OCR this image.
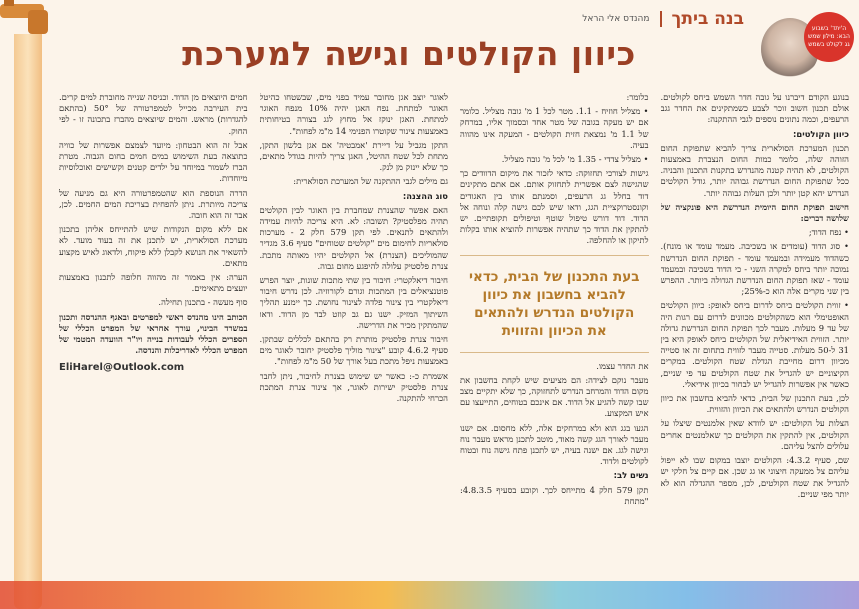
בנה ביתך
מהנדס אלי הראל
כיוון הקולטים וגישה למערכת
ה'יתד' בשבוע הבא: מילון שמש גג לקולט בשמש

בנוגע הקודם דיברנו על גובה חדר השמש ביחס לקולטים. אולם תכנון חשוב זוכר לצבע כשמתקינים את החדר גגב הרעפים, וכמה נתונים נוספים לגבי ההתקנה:

כיוון הקולטים:

תכנון המערכת הסולארית צריך להביא שתפוקת החום הזוהה שלה, כלומר כמות החום הנצברת באמצעות הקולטים, לא תהיה קטנה מהנדרש בתקנות התכנון והבניה. ככל שתפוקת החום הנדרשת גבוהה יותר, גודל הקולטים הנדרש יהא קטן יותר ולכן העלות גבוהה יותר.

חישוב תפוקת החום היומית הנדרשת היא פונקציה של שלושה דברים:

• נפח הדוד;

• סוג הדוד (עומדים או בשכיבה. מעמד עומד או מונח). כשהדוד מעמידה ובמעמד עומד - תפוקת החום הנדרשת נמוכה יותר ביחס למקרה השני - כי הדוד בשכיבה ובמעמד עומד - שאז תפוקת החום הנדרשת הגדולה ביותר. ההפרש בין שני מקרים אלה הוא כ-25%;

• זווית הקולטים ביחס לדרום ביחס לאופק: כיוון הקולטים האופטימלי הוא כשהקולטים מכוונים לדרום עם רגות היה של עד 9 מעלות. מעבר לכך תפוקת החום הנדרשת גדולה יותר. הזווית האידיאלית של הקולטים ביחס לאופק היא בין 31 ל-50 מעלות. סטייה מעבר לזווית בתחום זה או סטייה מכיוון דרום מחייבת הגדלת שטח הקולטים. במקרים הקיצוניים יש להגדיל את שטח הקולטים עד פי שניים, כאשר אין אפשרות להגדיל יש לבחור בכיוון אידיאלי.

לכן, בעת התכנון של הבית, כדאי להביא בחשבון את כיוון הקולטים הנדרש ולהתאים את הכיוון והזווית.

הצלות על הקולטים: יש לוודא שאין אלמנטים שיצלו על הקולטים, אין להתקין את הקולטים כך שאלמנטים אחרים עלולים להצל עליהם.

שם, סעיף 4.3.2: הקולטים יוצבו במקום שבו לא ייפול עליהם צל ממעקה חיצוני או גג שכן. אם קיים צל חלקי יש להגדיל את שטח הקולטים, לכן, מספר ההגדלה הוא לא יותר מפי שניים.

כלומר:

• מצליל חוזיח - 1.1. מטר לכל 1 מ' גובה מצליל. כלומר אם יש מעקה בגובה של מטר אחד ובסמוך אליו, במרחק של 1.1 מ' נמצאת חזית הקולטים - המעקה אינו מהווה בעיה.

• מצליל צדדי - 1.35 מ' לכל מ' גובה מצליל.

גישות לצורכי תחזוקה: כדאי לזכור את מיקום הדוודים כך שהגישה לצם אפשרית לתחזוק אותם. אם אתם מתקינים דוד בחלל גג הרעפים, וסמנתם אותו בין האגודים וקונסטרוקציית הגג, ודאו שיש לכם גישה קלה ונוחה אל הדוד. דוד דורש טיפול שוטף וטיפולים תקופתיים. יש להתקין את הדוד כך שתהיה אפשרות להוציא אותו בקלות לתיקון או להחלפה.

בעת התכנון של הבית, כדאי להביא בחשבון את כיוון הקולטים הנדרש ולהתאים את הכיוון והזווית

את החדר עצמו.

מעבר נוקם לצידה: הם מציעים שיש לקחת בחשבון את מקום הדוד והמרחב הנדרש לתחזוקה, כך שלא יתקיים מצב שבו קשה להגיע אל הדוד. אם אינכם בטוחים, התייעצו עם איש המקצוע.

הגעו בגג הוא ולא במרחקים אלה, ללא מחסום. אם ישנו מעבר לאורך הגג קשה מאוד, מוטב לתכנן מראש מעבר נוח וגישה לגג. אם ישנה בעיה, יש לתכנן פתח גישה נוח ובטוח לקולטים ולדוד.

נשים לב:

תקן 579 חלק 4 מתייחס לכך. וקובע בסעיף 4.8.3.5: "מתחת

לאוגר יוצב אגן מחובר עמיד בפני מים, שבשטחו כהיטל האוגר למתחת. נפח האגן יהיה 10% מנפח האוגר למתחת. האגן ינוקז אל מחוץ לגג בצורה בטיחותית באמצעות צינור שקוטרו הפנימי 14 מ"מ לפחות".

התקן מגביל על דיירת 'אמבטיה' אם אגן בלשון התקן, מתחת לכל שטח ההיטל, האגן צריך להיות בגודל מתאים, כך שלא יינזק מן לנק.

גם מילים לגבי ההתקנה של המערכת הסולארית:

סוג ההצנה:

האם אפשר שהצנרת שמחברת בין האוגר לבין הקולטים תהיה מפלסטיק? תשובה: לא. היא צריכה להיות עמידה ולהתאים לתנאים. לפי תקן 579 חלק 2 - מערכות סולאריות לחימום מים "קולטים שטוחים" סעיף 3.6 מגדיר שהמוליכים (הצנרת) אל הקולטים יהיו מאותה מתכת. צנרת פלסטיק עלולה להיפגע מחום גבוה.

חיבור דיאלקטרי: חיבור בין שתי מתכות שונות, יוצר הפרש פוטנציאלים בין המתכות וגורם לקורוזיה. לכן נדרש חיבור דיאלקטרי בין צינור פלדה לצינור נחושת. כך יימנע תהליך השיתוך המזיק. ישנו גם גב קוזט לבד מן הדוד. ודאו שהמתקין מכיר את הדרישה.

חיבור צנרת פלסטיק מותרת רק בהתאם לכללים שבתקן. סעיף 4.6.2 קובע "צינור מוליך פלסטיק יחובר לאוגר מים באמצעות ניפל מתכת בעל אורך של 50 מ"מ לפחות".

אשמרת כ-: כאשר יש שימוש בצנרת לחיבור, ניתן לחבר צנרת פלסטיק ישירות לאוגר, אך צינור צנרת המתכת הכרחי להתקנה.

חמים היוצאים מן הדוד. וכניסה שנייה מחוברת למים קרים. בית העירבה מכייל לטמפרטורה של 50° (בהתאם להגדרות) מראש. והמים שיוצאים מהברז בתכונה זו - לפי החוק.

אבל זה הוא הבטחון: מיועד לצמצם אפשרות של כוויה כתוצאה בעת השימוש במים חמים בחום הגבוה. מטרת הברז לשמור במיוחד על ילדים קטנים וקשישים ואוכלוסיות מיוחדות.

הדרה הנוספת הוא שהטמפרטורה היא גם מניעה של צריכה מיותרת. ניתן להפחית בצריכת המים החמים. לכן, אבר זה הוא חובה.

אם ללא מקום הנקודות שיש להתייחס אליהן בתכנון מערכת הסולארית, יש לתכנן את זה בעוד מועד. לא להשאיר את הנושא לקבלן ללא פיקוח, ולדאוג לאיש מקצוע מתאים.

הערה: אין באמור זה מהווה חלופה לתכנון באמצעות יועצים מתאימים.

סוף מעשה - בתכנון תחילה.

הכותב הינו מהנדס ראשי למפרטים ובאגף ההנדסה ותכנון במשרד הבינוי, עורך אחראי של המפרט הכללי של הספרים הכללי לעבודות בנייה ויו"ר הוועדה המטמי של המפרט הכללי לאדריכלות והנדסה.

EliHarel@Outlook.com
